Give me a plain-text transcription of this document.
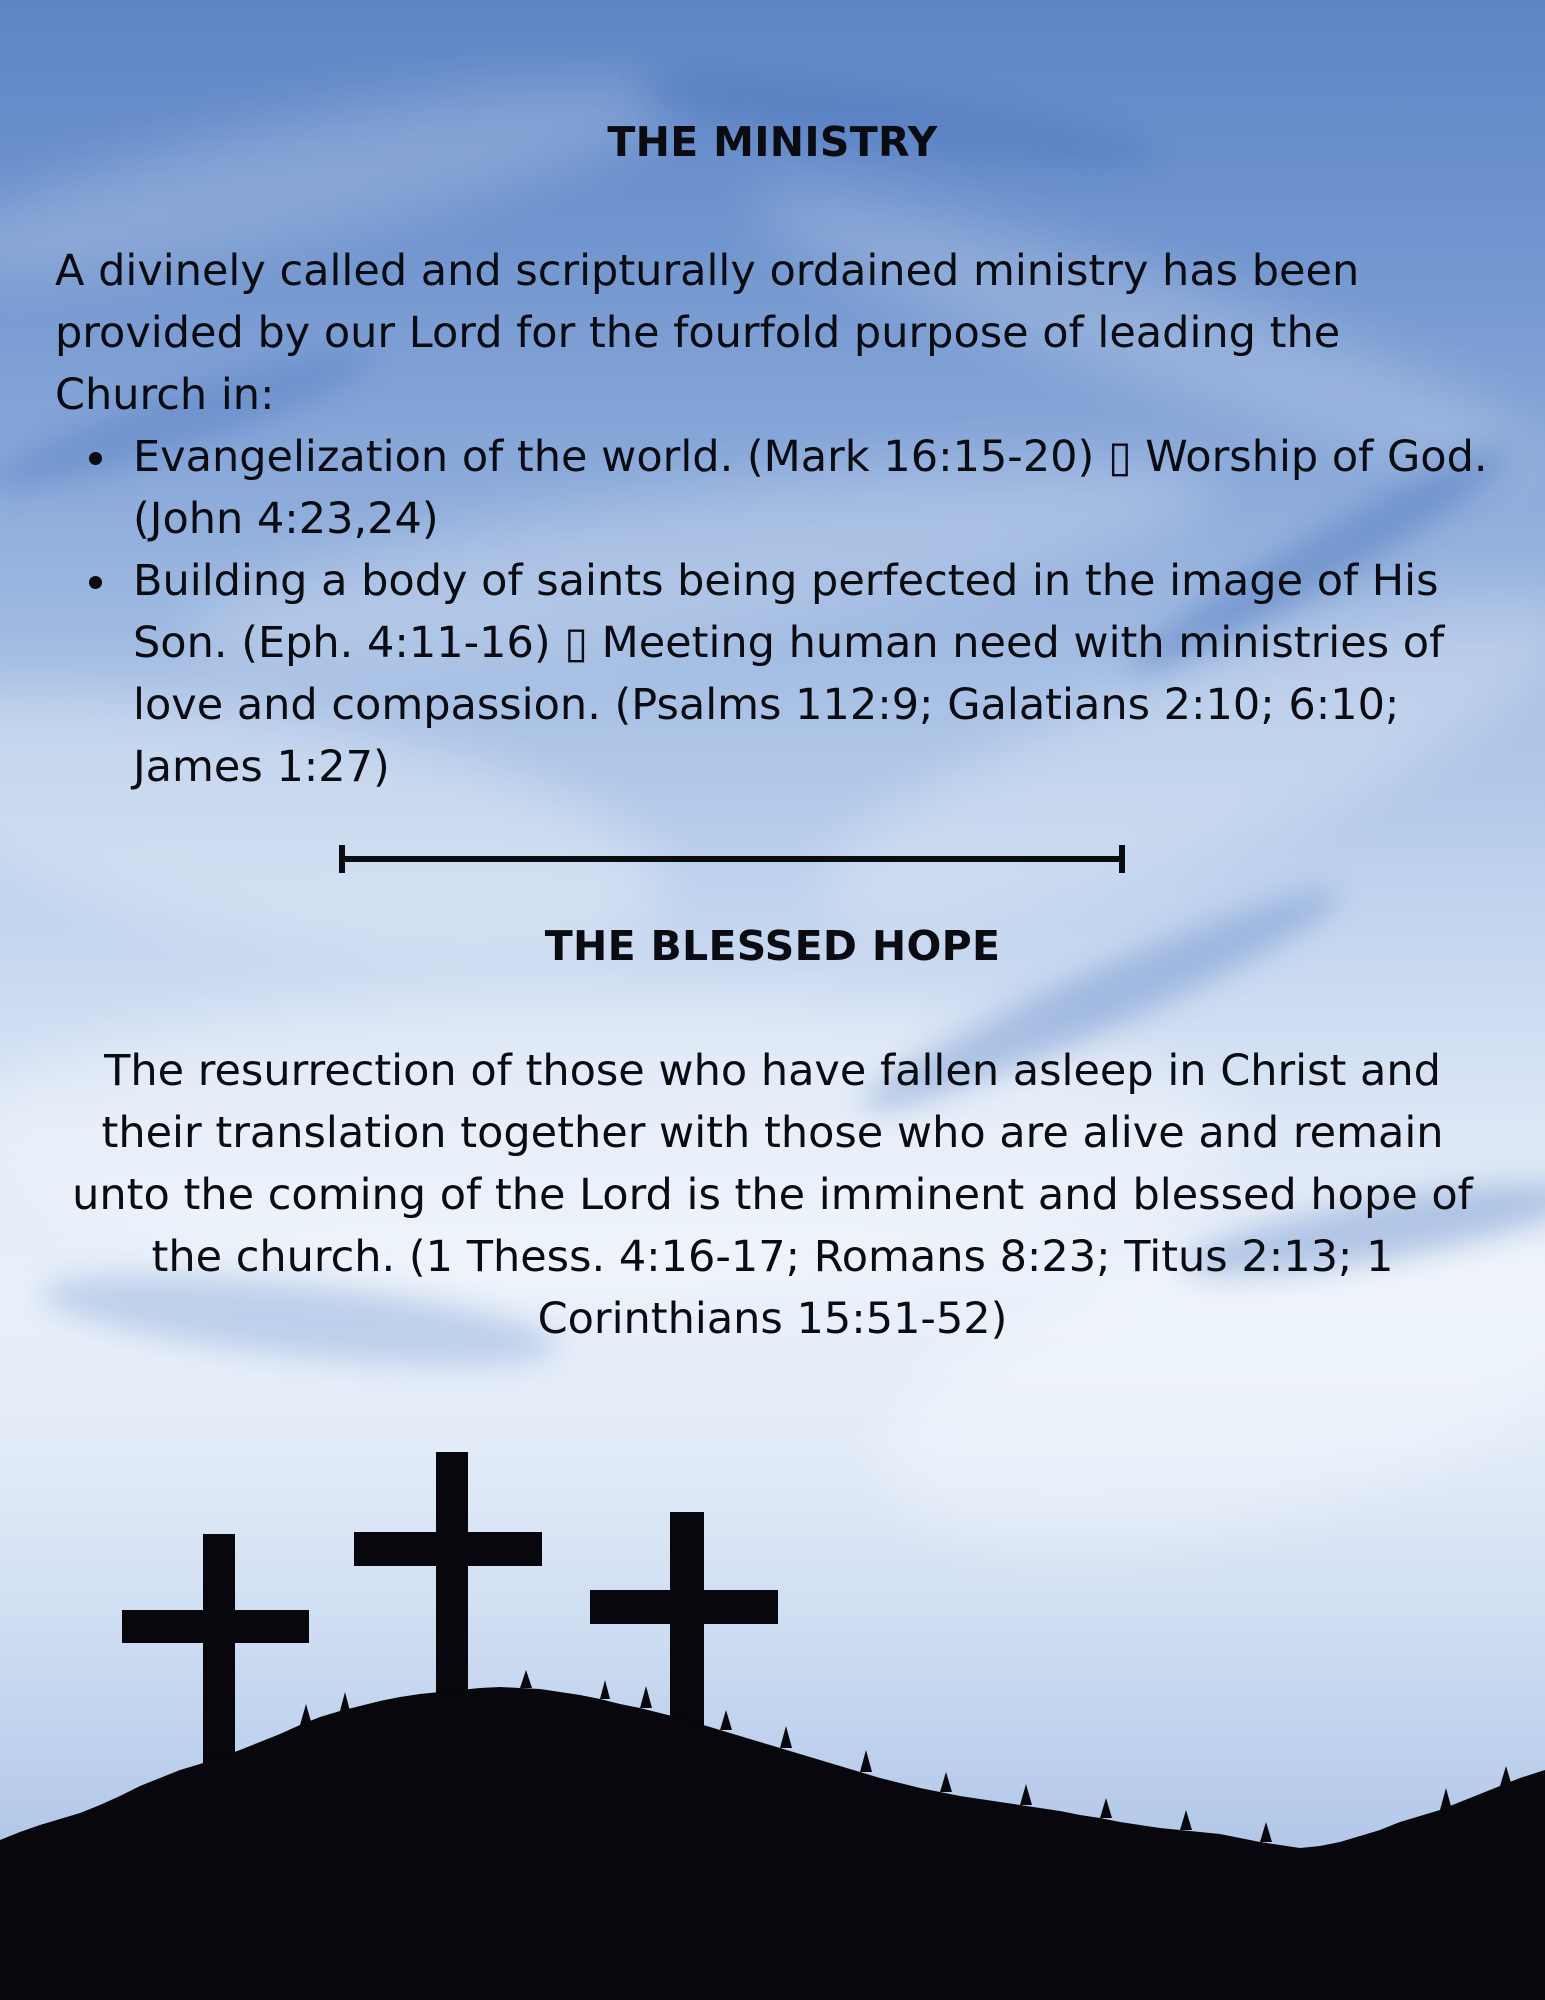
THE MINISTRY

A divinely called and scripturally ordained ministry has been provided by our Lord for the fourfold purpose of leading the Church in:

Evangelization of the world. (Mark 16:15-20) ▯ Worship of God. (John 4:23,24)
Building a body of saints being perfected in the image of His Son. (Eph. 4:11-16) ▯ Meeting human need with ministries of love and compassion. (Psalms 112:9; Galatians 2:10; 6:10; James 1:27)
THE BLESSED HOPE

The resurrection of those who have fallen asleep in Christ and their translation together with those who are alive and remain unto the coming of the Lord is the imminent and blessed hope of the church. (1 Thess. 4:16-17; Romans 8:23; Titus 2:13; 1 Corinthians 15:51-52)
